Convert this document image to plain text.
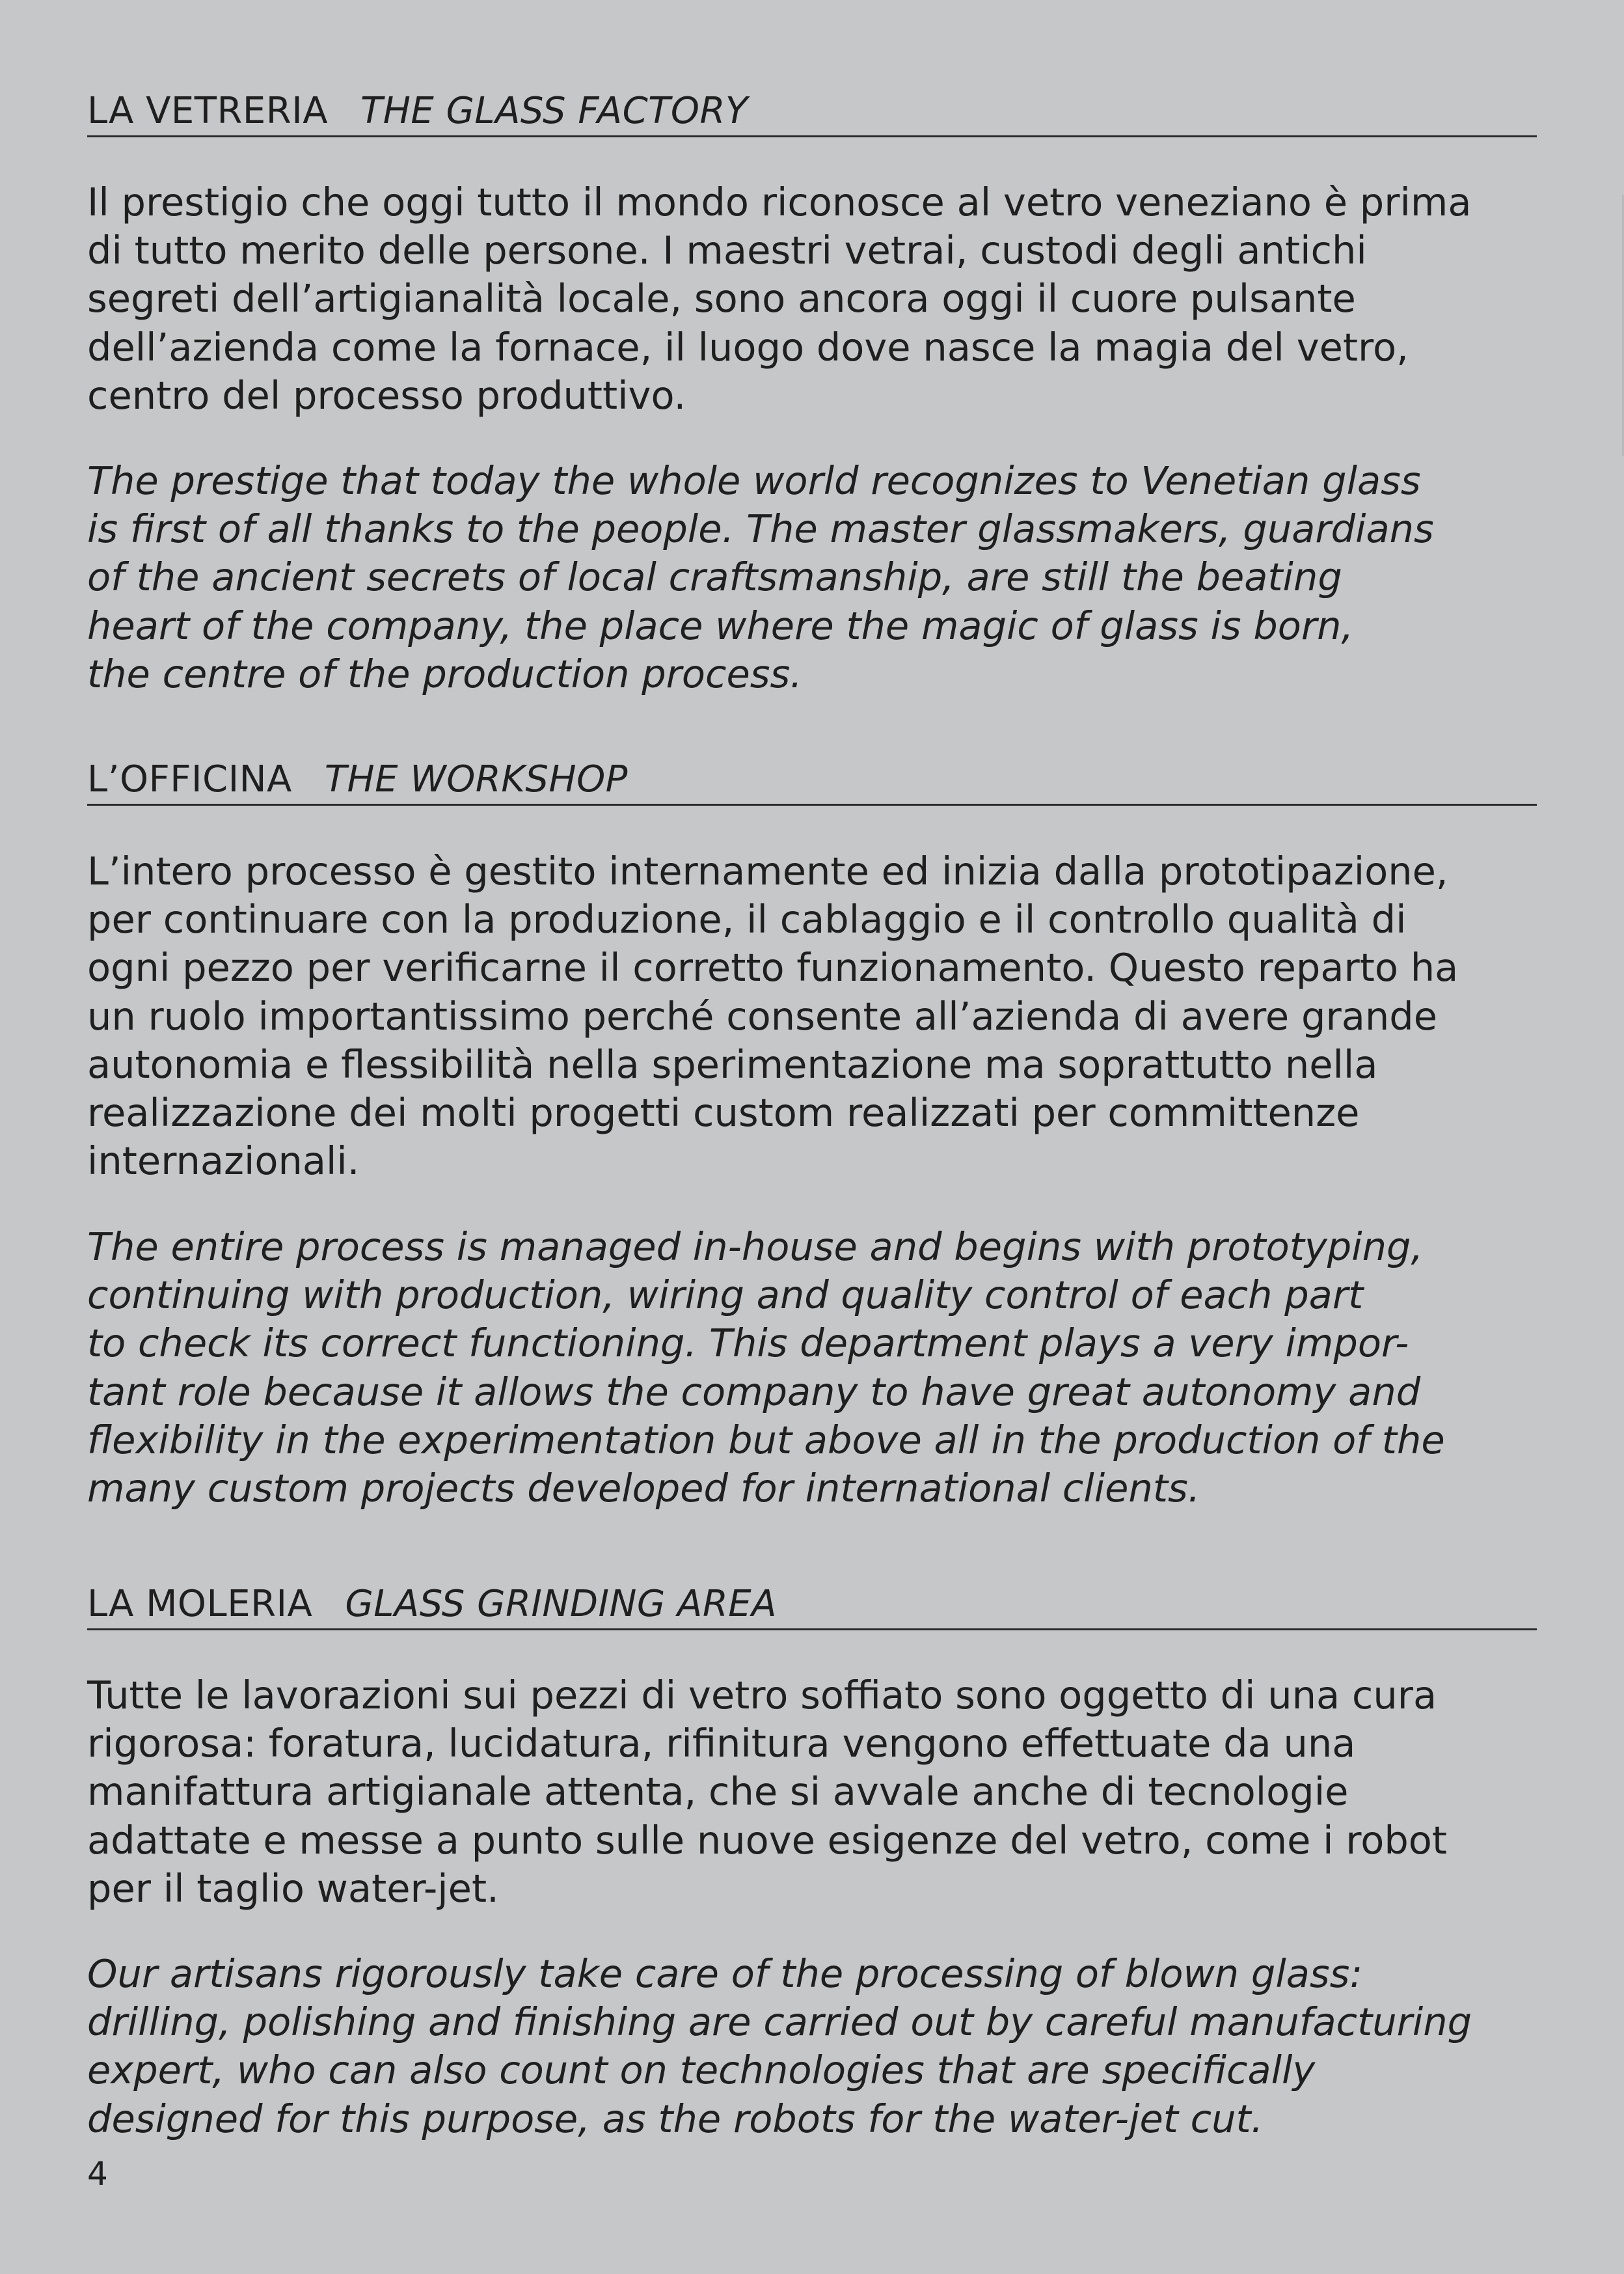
LA VETRERIA THE GLASS FACTORY

Il prestigio che oggi tutto il mondo riconosce al vetro veneziano è prima
di tutto merito delle persone. I maestri vetrai, custodi degli antichi
segreti dell’artigianalità locale, sono ancora oggi il cuore pulsante
dell’azienda come la fornace, il luogo dove nasce la magia del vetro,
centro del processo produttivo.

The prestige that today the whole world recognizes to Venetian glass
is first of all thanks to the people. The master glassmakers, guardians
of the ancient secrets of local craftsmanship, are still the beating
heart of the company, the place where the magic of glass is born,
the centre of the production process.

L’OFFICINA THE WORKSHOP

L’intero processo è gestito internamente ed inizia dalla prototipazione,
per continuare con la produzione, il cablaggio e il controllo qualità di
ogni pezzo per verificarne il corretto funzionamento. Questo reparto ha
un ruolo importantissimo perché consente all’azienda di avere grande
autonomia e flessibilità nella sperimentazione ma soprattutto nella
realizzazione dei molti progetti custom realizzati per committenze
internazionali.

The entire process is managed in-house and begins with prototyping,
continuing with production, wiring and quality control of each part
to check its correct functioning. This department plays a very impor-
tant role because it allows the company to have great autonomy and
flexibility in the experimentation but above all in the production of the
many custom projects developed for international clients.

LA MOLERIA GLASS GRINDING AREA

Tutte le lavorazioni sui pezzi di vetro soffiato sono oggetto di una cura
rigorosa: foratura, lucidatura, rifinitura vengono effettuate da una
manifattura artigianale attenta, che si avvale anche di tecnologie
adattate e messe a punto sulle nuove esigenze del vetro, come i robot
per il taglio water-jet.

Our artisans rigorously take care of the processing of blown glass:
drilling, polishing and finishing are carried out by careful manufacturing
expert, who can also count on technologies that are specifically
designed for this purpose, as the robots for the water-jet cut.

4
